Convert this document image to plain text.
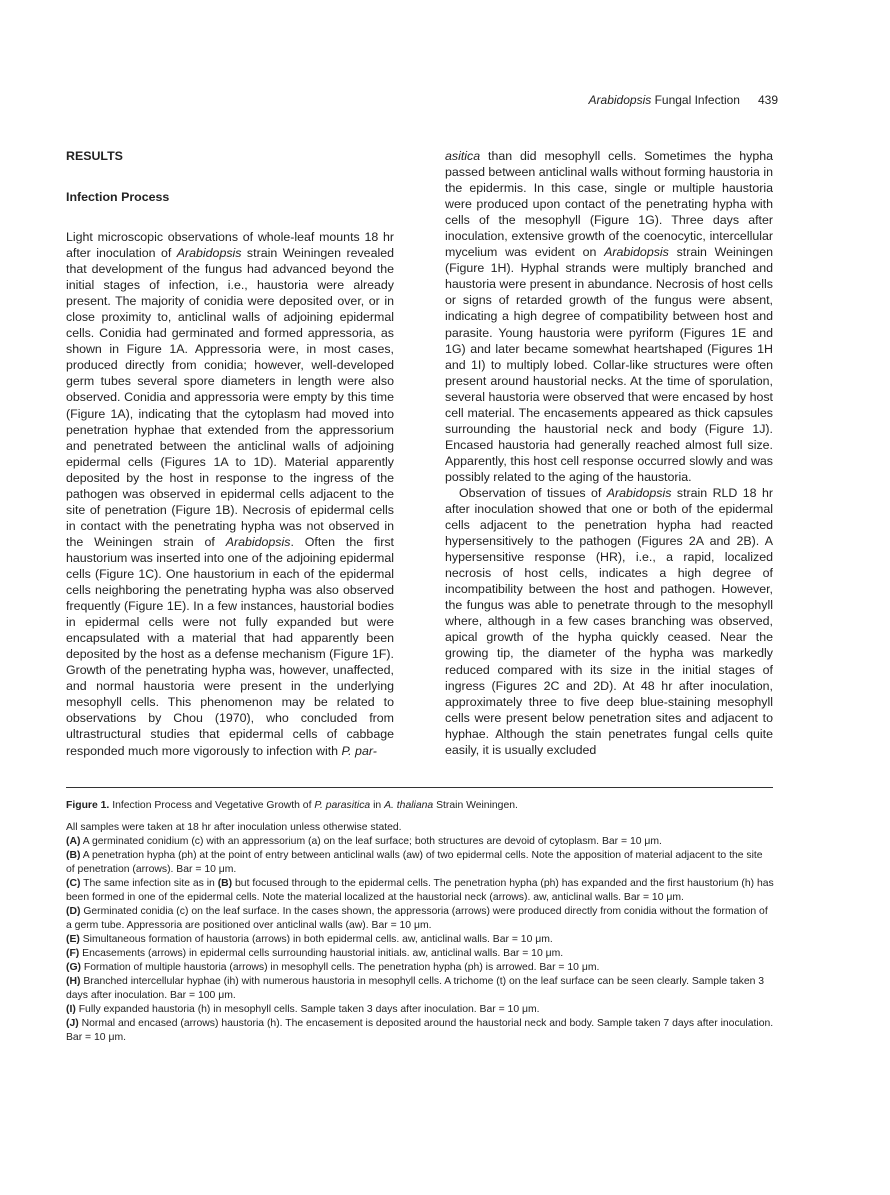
Arabidopsis Fungal Infection 439
RESULTS
Infection Process

Light microscopic observations of whole-leaf mounts 18 hr after inoculation of Arabidopsis strain Weiningen revealed that development of the fungus had advanced beyond the initial stages of infection, i.e., haustoria were already present. The majority of conidia were deposited over, or in close proximity to, anticlinal walls of adjoining epidermal cells. Conidia had germinated and formed appressoria, as shown in Figure 1A. Appressoria were, in most cases, produced directly from conidia; however, well-developed germ tubes several spore diameters in length were also observed. Conidia and appressoria were empty by this time (Figure 1A), indicating that the cytoplasm had moved into penetration hyphae that extended from the appressorium and penetrated between the anticlinal walls of adjoining epidermal cells (Figures 1A to 1D). Material apparently deposited by the host in response to the ingress of the pathogen was observed in epidermal cells adjacent to the site of penetration (Figure 1B). Necrosis of epidermal cells in contact with the penetrating hypha was not observed in the Weiningen strain of Arabidopsis. Often the first haustorium was inserted into one of the adjoining epidermal cells (Figure 1C). One haustorium in each of the epidermal cells neighboring the penetrating hypha was also observed frequently (Figure 1E). In a few instances, haustorial bodies in epidermal cells were not fully expanded but were encapsulated with a material that had apparently been deposited by the host as a defense mechanism (Figure 1F). Growth of the penetrating hypha was, however, unaffected, and normal haustoria were present in the underlying mesophyll cells. This phenomenon may be related to observations by Chou (1970), who concluded from ultrastructural studies that epidermal cells of cabbage responded much more vigorously to infection with P. par-

asitica than did mesophyll cells. Sometimes the hypha passed between anticlinal walls without forming haustoria in the epidermis. In this case, single or multiple haustoria were produced upon contact of the penetrating hypha with cells of the mesophyll (Figure 1G). Three days after inoculation, extensive growth of the coenocytic, intercellular mycelium was evident on Arabidopsis strain Weiningen (Figure 1H). Hyphal strands were multiply branched and haustoria were present in abundance. Necrosis of host cells or signs of retarded growth of the fungus were absent, indicating a high degree of compatibility between host and parasite. Young haustoria were pyriform (Figures 1E and 1G) and later became somewhat heartshaped (Figures 1H and 1I) to multiply lobed. Collar-like structures were often present around haustorial necks. At the time of sporulation, several haustoria were observed that were encased by host cell material. The encasements appeared as thick capsules surrounding the haustorial neck and body (Figure 1J). Encased haustoria had generally reached almost full size. Apparently, this host cell response occurred slowly and was possibly related to the aging of the haustoria.

Observation of tissues of Arabidopsis strain RLD 18 hr after inoculation showed that one or both of the epidermal cells adjacent to the penetration hypha had reacted hypersensitively to the pathogen (Figures 2A and 2B). A hypersensitive response (HR), i.e., a rapid, localized necrosis of host cells, indicates a high degree of incompatibility between the host and pathogen. However, the fungus was able to penetrate through to the mesophyll where, although in a few cases branching was observed, apical growth of the hypha quickly ceased. Near the growing tip, the diameter of the hypha was markedly reduced compared with its size in the initial stages of ingress (Figures 2C and 2D). At 48 hr after inoculation, approximately three to five deep blue-staining mesophyll cells were present below penetration sites and adjacent to hyphae. Although the stain penetrates fungal cells quite easily, it is usually excluded

Figure 1. Infection Process and Vegetative Growth of P. parasitica in A. thaliana Strain Weiningen.

All samples were taken at 18 hr after inoculation unless otherwise stated.

(A) A germinated conidium (c) with an appressorium (a) on the leaf surface; both structures are devoid of cytoplasm. Bar = 10 μm.

(B) A penetration hypha (ph) at the point of entry between anticlinal walls (aw) of two epidermal cells. Note the apposition of material adjacent to the site of penetration (arrows). Bar = 10 μm.

(C) The same infection site as in (B) but focused through to the epidermal cells. The penetration hypha (ph) has expanded and the first haustorium (h) has been formed in one of the epidermal cells. Note the material localized at the haustorial neck (arrows). aw, anticlinal walls. Bar = 10 μm.

(D) Germinated conidia (c) on the leaf surface. In the cases shown, the appressoria (arrows) were produced directly from conidia without the formation of a germ tube. Appressoria are positioned over anticlinal walls (aw). Bar = 10 μm.

(E) Simultaneous formation of haustoria (arrows) in both epidermal cells. aw, anticlinal walls. Bar = 10 μm.

(F) Encasements (arrows) in epidermal cells surrounding haustorial initials. aw, anticlinal walls. Bar = 10 μm.

(G) Formation of multiple haustoria (arrows) in mesophyll cells. The penetration hypha (ph) is arrowed. Bar = 10 μm.

(H) Branched intercellular hyphae (ih) with numerous haustoria in mesophyll cells. A trichome (t) on the leaf surface can be seen clearly. Sample taken 3 days after inoculation. Bar = 100 μm.

(I) Fully expanded haustoria (h) in mesophyll cells. Sample taken 3 days after inoculation. Bar = 10 μm.

(J) Normal and encased (arrows) haustoria (h). The encasement is deposited around the haustorial neck and body. Sample taken 7 days after inoculation. Bar = 10 μm.
